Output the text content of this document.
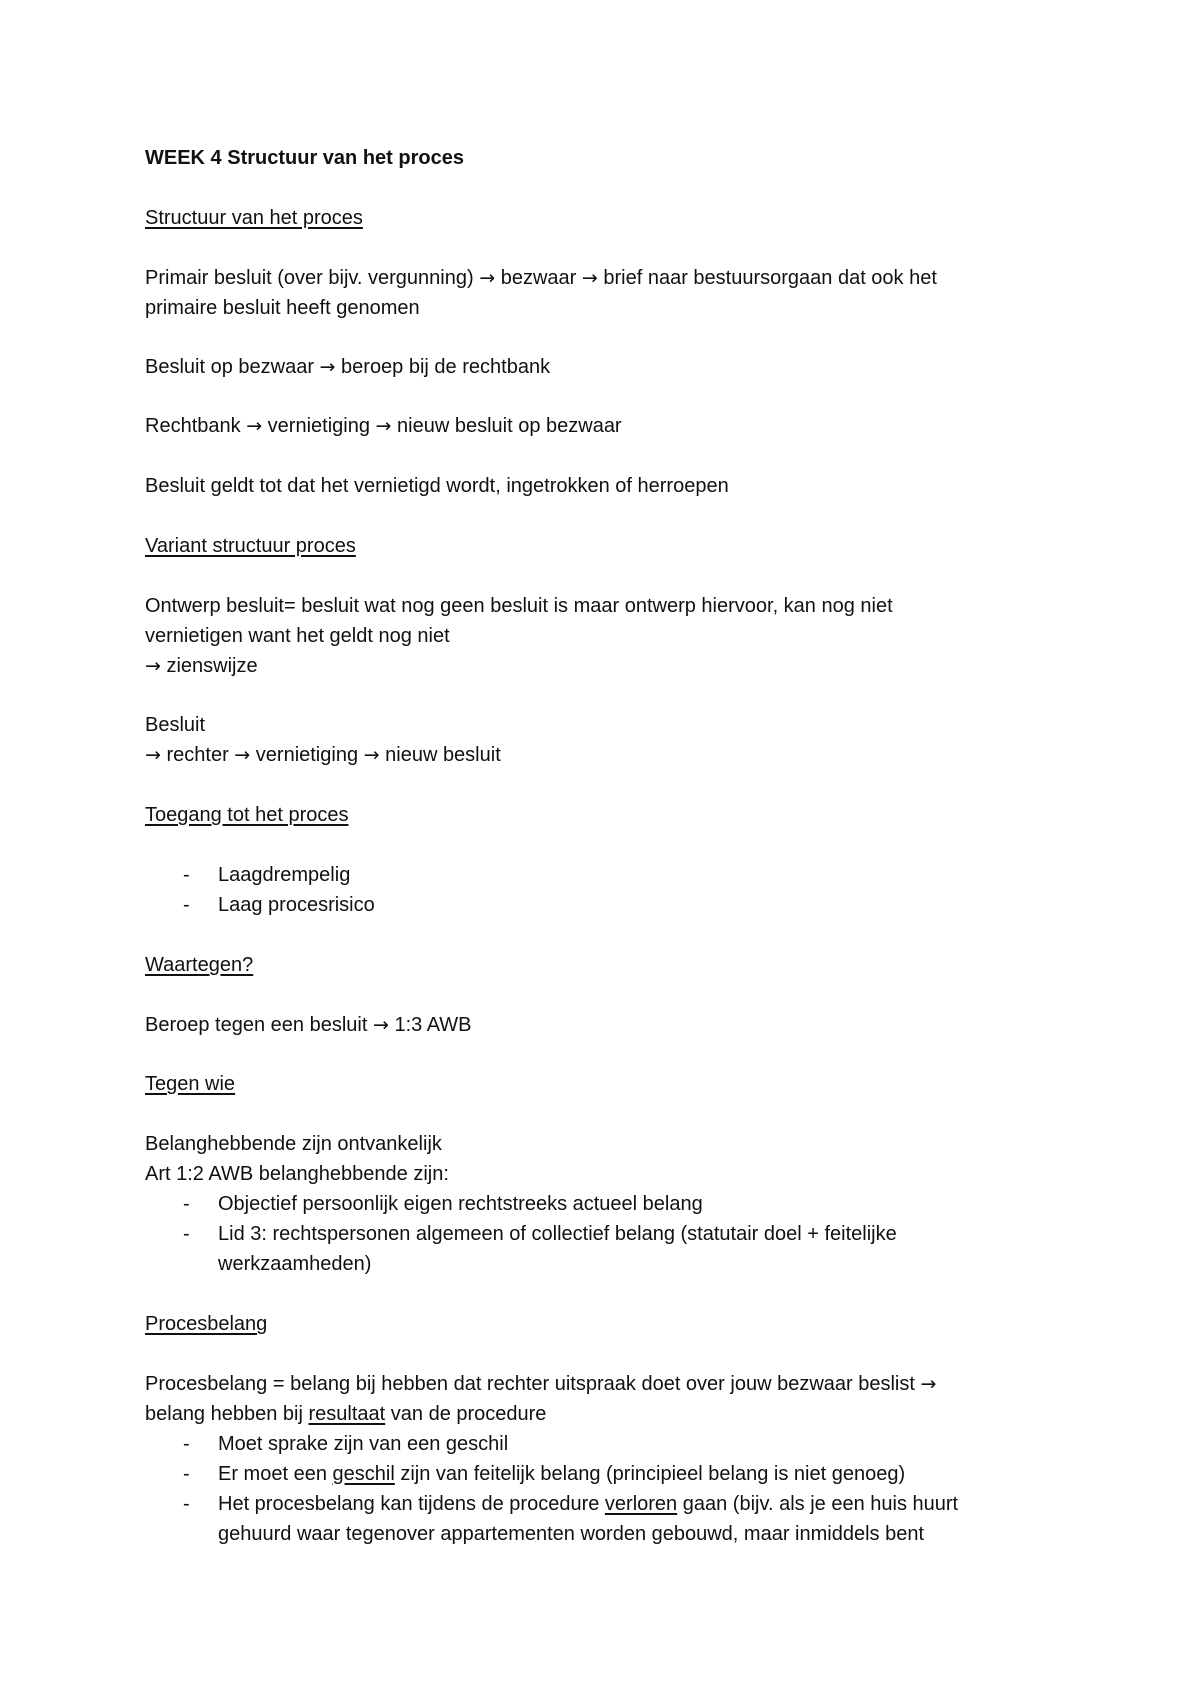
WEEK 4 Structuur van het proces

Structuur van het proces

Primair besluit (over bijv. vergunning) → bezwaar → brief naar bestuursorgaan dat ook het

primaire besluit heeft genomen

Besluit op bezwaar → beroep bij de rechtbank

Rechtbank → vernietiging → nieuw besluit op bezwaar

Besluit geldt tot dat het vernietigd wordt, ingetrokken of herroepen

Variant structuur proces

Ontwerp besluit= besluit wat nog geen besluit is maar ontwerp hiervoor, kan nog niet

vernietigen want het geldt nog niet

→ zienswijze

Besluit

→ rechter → vernietiging → nieuw besluit

Toegang tot het proces

- Laagdrempelig
- Laag procesrisico

Waartegen?

Beroep tegen een besluit → 1:3 AWB

Tegen wie

Belanghebbende zijn ontvankelijk

Art 1:2 AWB belanghebbende zijn:

- Objectief persoonlijk eigen rechtstreeks actueel belang
- Lid 3: rechtspersonen algemeen of collectief belang (statutair doel + feitelijke
werkzaamheden)

Procesbelang

Procesbelang = belang bij hebben dat rechter uitspraak doet over jouw bezwaar beslist →

belang hebben bij resultaat van de procedure

- Moet sprake zijn van een geschil
- Er moet een geschil zijn van feitelijk belang (principieel belang is niet genoeg)
- Het procesbelang kan tijdens de procedure verloren gaan (bijv. als je een huis huurt
gehuurd waar tegenover appartementen worden gebouwd, maar inmiddels bent
